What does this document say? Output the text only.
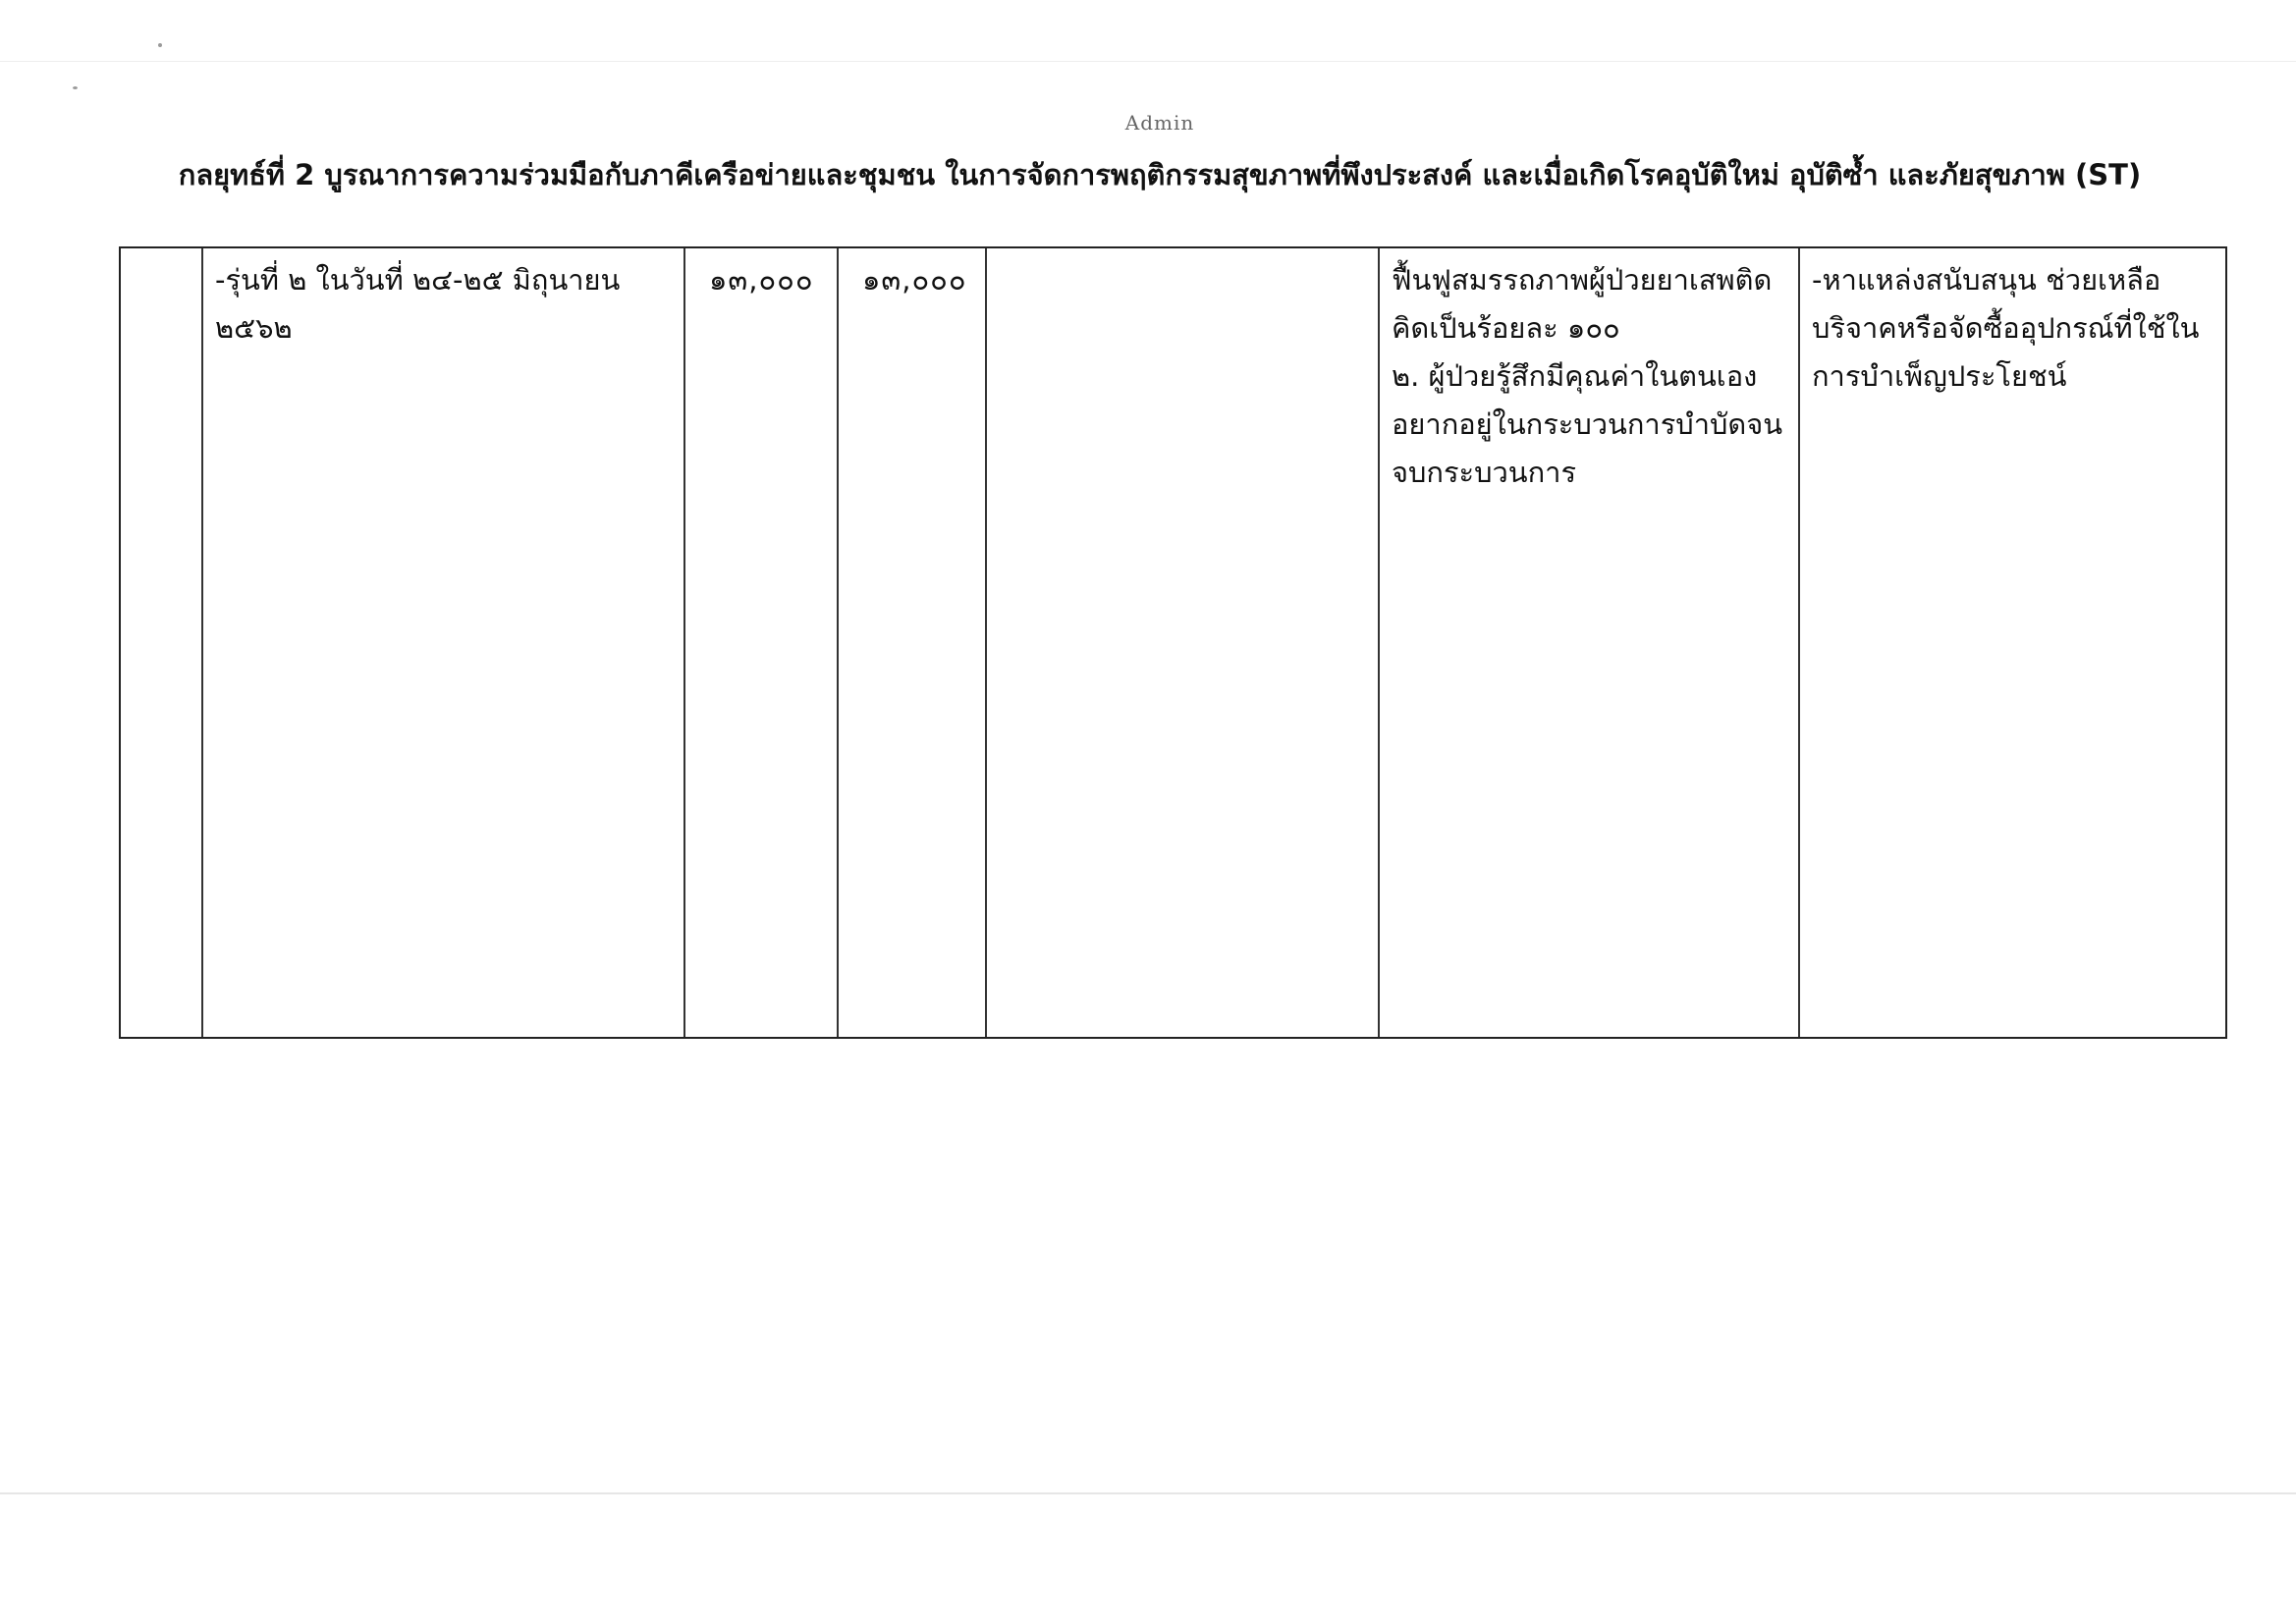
Admin
กลยุทธ์ที่ 2 บูรณาการความร่วมมือกับภาคีเครือข่ายและชุมชน ในการจัดการพฤติกรรมสุขภาพที่พึงประสงค์ และเมื่อเกิดโรคอุบัติใหม่ อุบัติซ้ำ และภัยสุขภาพ (ST)
-รุ่นที่ ๒ ในวันที่ ๒๔-๒๕ มิถุนายน
๒๕๖๒
๑๓,๐๐๐	๑๓,๐๐๐	ฟื้นฟูสมรรถภาพผู้ป่วยยาเสพติด
คิดเป็นร้อยละ ๑๐๐
๒. ผู้ป่วยรู้สึกมีคุณค่าในตนเอง
อยากอยู่ในกระบวนการบำบัดจน
จบกระบวนการ
-หาแหล่งสนับสนุน ช่วยเหลือ
บริจาคหรือจัดซื้ออุปกรณ์ที่ใช้ใน
การบำเพ็ญประโยชน์
